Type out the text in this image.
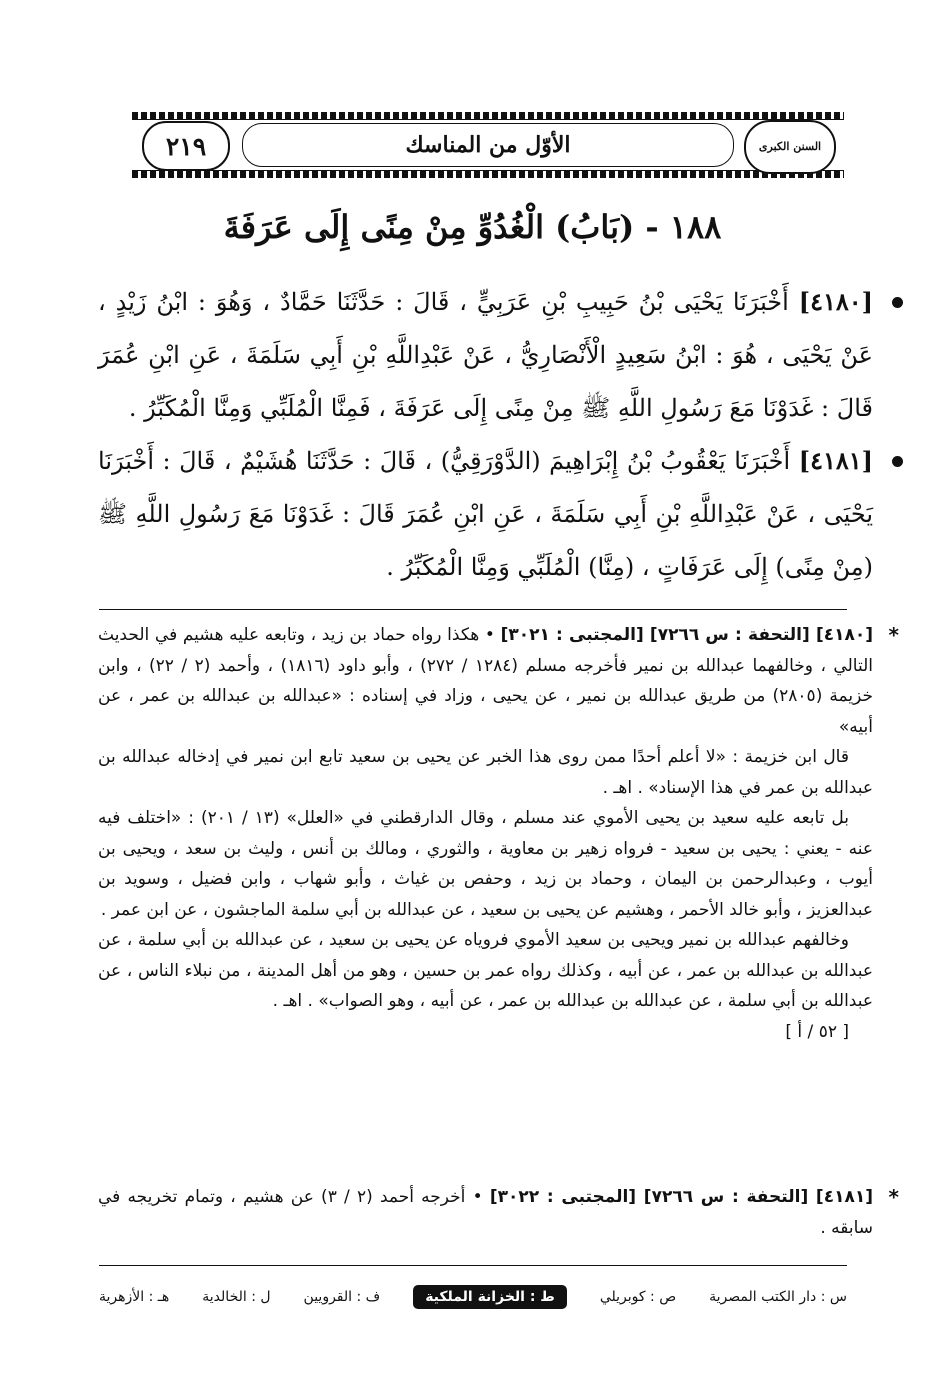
السنن الكبرى
الأوّل من المناسك
٢١٩
١٨٨ - (بَابُ) الْغُدُوِّ مِنْ مِنًى إِلَى عَرَفَةَ
[٤١٨٠] أَخْبَرَنَا يَحْيَى بْنُ حَبِيبِ بْنِ عَرَبِيٍّ ، قَالَ : حَدَّثَنَا حَمَّادٌ ، وَهُوَ : ابْنُ زَيْدٍ ، عَنْ يَحْيَى ، هُوَ : ابْنُ سَعِيدٍ الْأَنْصَارِيُّ ، عَنْ عَبْدِاللَّهِ بْنِ أَبِي سَلَمَةَ ، عَنِ ابْنِ عُمَرَ قَالَ : غَدَوْنَا مَعَ رَسُولِ اللَّهِ ﷺ مِنْ مِنًى إِلَى عَرَفَةَ ، فَمِنَّا الْمُلَبِّي وَمِنَّا الْمُكَبِّرُ .
[٤١٨١] أَخْبَرَنَا يَعْقُوبُ بْنُ إِبْرَاهِيمَ (الدَّوْرَقِيُّ) ، قَالَ : حَدَّثَنَا هُشَيْمٌ ، قَالَ : أَخْبَرَنَا يَحْيَى ، عَنْ عَبْدِاللَّهِ بْنِ أَبِي سَلَمَةَ ، عَنِ ابْنِ عُمَرَ قَالَ : غَدَوْنَا مَعَ رَسُولِ اللَّهِ ﷺ (مِنْ مِنًى) إِلَى عَرَفَاتٍ ، (مِنَّا) الْمُلَبِّي وَمِنَّا الْمُكَبِّرُ .
*

[٤١٨٠] [التحفة : س ٧٢٦٦] [المجتبى : ٣٠٢١] • هكذا رواه حماد بن زيد ، وتابعه عليه هشيم في الحديث التالي ، وخالفهما عبدالله بن نمير فأخرجه مسلم (١٢٨٤ / ٢٧٢) ، وأبو داود (١٨١٦) ، وأحمد (٢ / ٢٢) ، وابن خزيمة (٢٨٠٥) من طريق عبدالله بن نمير ، عن يحيى ، وزاد في إسناده : «عبدالله بن عبدالله بن عمر ، عن أبيه»

قال ابن خزيمة : «لا أعلم أحدًا ممن روى هذا الخبر عن يحيى بن سعيد تابع ابن نمير في إدخاله عبدالله بن عبدالله بن عمر في هذا الإسناد» . اهـ .

بل تابعه عليه سعيد بن يحيى الأموي عند مسلم ، وقال الدارقطني في «العلل» (١٣ / ٢٠١) : «اختلف فيه عنه - يعني : يحيى بن سعيد - فرواه زهير بن معاوية ، والثوري ، ومالك بن أنس ، وليث بن سعد ، ويحيى بن أيوب ، وعبدالرحمن بن اليمان ، وحماد بن زيد ، وحفص بن غياث ، وأبو شهاب ، وابن فضيل ، وسويد بن عبدالعزيز ، وأبو خالد الأحمر ، وهشيم عن يحيى بن سعيد ، عن عبدالله بن أبي سلمة الماجشون ، عن ابن عمر .

وخالفهم عبدالله بن نمير ويحيى بن سعيد الأموي فروياه عن يحيى بن سعيد ، عن عبدالله بن أبي سلمة ، عن عبدالله بن عبدالله بن عمر ، عن أبيه ، وكذلك رواه عمر بن حسين ، وهو من أهل المدينة ، من نبلاء الناس ، عن عبدالله بن أبي سلمة ، عن عبدالله بن عبدالله بن عمر ، عن أبيه ، وهو الصواب» . اهـ .

[ ٥٢ / أ ]

*

[٤١٨١] [التحفة : س ٧٢٦٦] [المجتبى : ٣٠٢٢] • أخرجه أحمد (٢ / ٣) عن هشيم ، وتمام تخريجه في سابقه .

س : دار الكتب المصرية
ص : كوبريلي
ط : الخزانة الملكية
ف : القرويين
ل : الخالدية
هـ : الأزهرية
